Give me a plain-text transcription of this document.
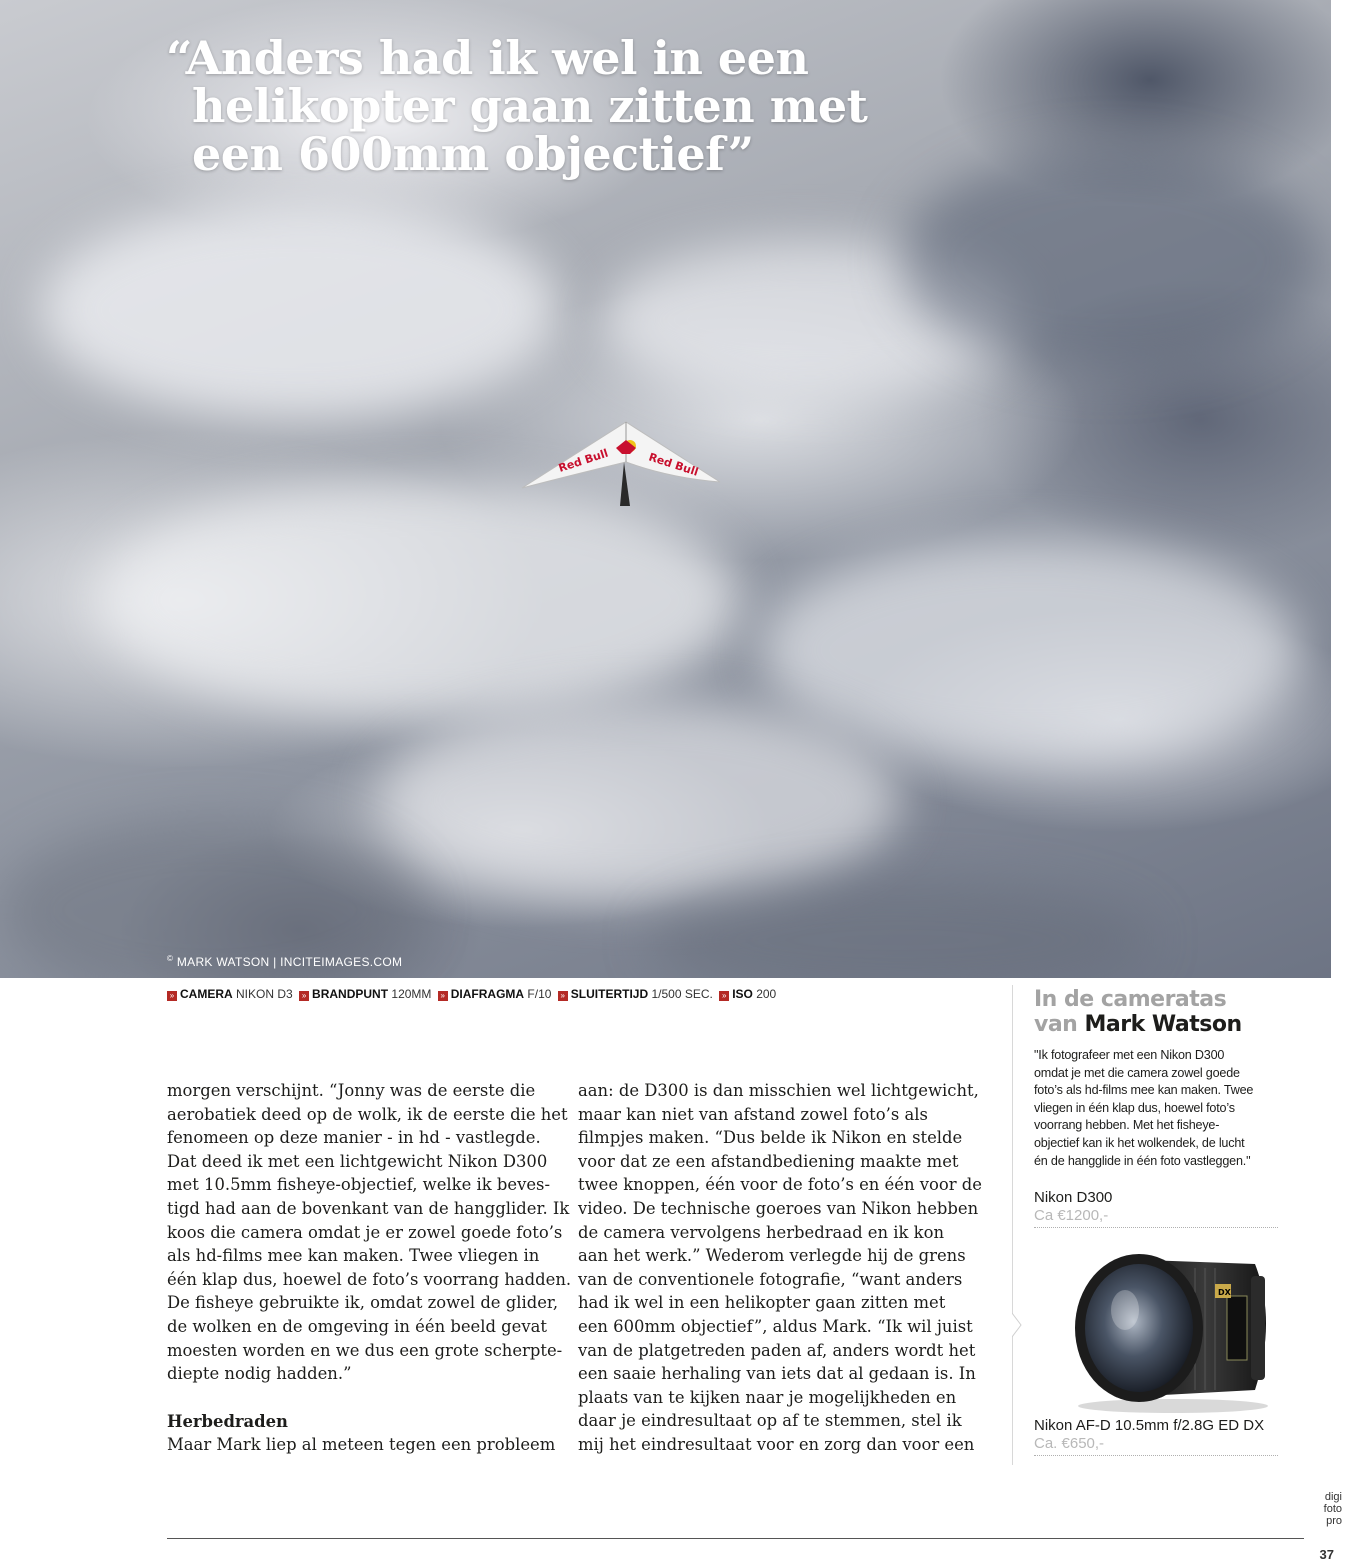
“Anders had ik wel in een
helikopter gaan zitten met
een 600mm objectief”
Red Bull	Red Bull
© MARK WATSON | INCITEIMAGES.COM
» CAMERA NIKON D3 » BRANDPUNT 120MM » DIAFRAGMA F/10 » SLUITERTIJD 1/500 SEC. » ISO 200
morgen verschijnt. “Jonny was de eerste die
aerobatiek deed op de wolk, ik de eerste die het
fenomeen op deze manier - in hd - vastlegde.
Dat deed ik met een lichtgewicht Nikon D300
met 10.5mm fisheye-objectief, welke ik beves-
tigd had aan de bovenkant van de hangglider. Ik
koos die camera omdat je er zowel goede foto’s
als hd-films mee kan maken. Twee vliegen in
één klap dus, hoewel de foto’s voorrang hadden.
De fisheye gebruikte ik, omdat zowel de glider,
de wolken en de omgeving in één beeld gevat
moesten worden en we dus een grote scherpte-
diepte nodig hadden.”
Herbedraden
Maar Mark liep al meteen tegen een probleem
aan: de D300 is dan misschien wel lichtgewicht,
maar kan niet van afstand zowel foto’s als
filmpjes maken. “Dus belde ik Nikon en stelde
voor dat ze een afstandbediening maakte met
twee knoppen, één voor de foto’s en één voor de
video. De technische goeroes van Nikon hebben
de camera vervolgens herbedraad en ik kon
aan het werk.” Wederom verlegde hij de grens
van de conventionele fotografie, “want anders
had ik wel in een helikopter gaan zitten met
een 600mm objectief”, aldus Mark. “Ik wil juist
van de platgetreden paden af, anders wordt het
een saaie herhaling van iets dat al gedaan is. In
plaats van te kijken naar je mogelijkheden en
daar je eindresultaat op af te stemmen, stel ik
mij het eindresultaat voor en zorg dan voor een
In de cameratas
van Mark Watson
"Ik fotografeer met een Nikon D300
omdat je met die camera zowel goede
foto’s als hd-films mee kan maken. Twee
vliegen in één klap dus, hoewel foto’s
voorrang hebben. Met het fisheye-
objectief kan ik het wolkendek, de lucht
én de hangglide in één foto vastleggen."
Nikon D300
Ca €1200,-
Nikon AF-D 10.5mm f/2.8G ED DX
Ca. €650,-
DX
digi
foto
pro
37
